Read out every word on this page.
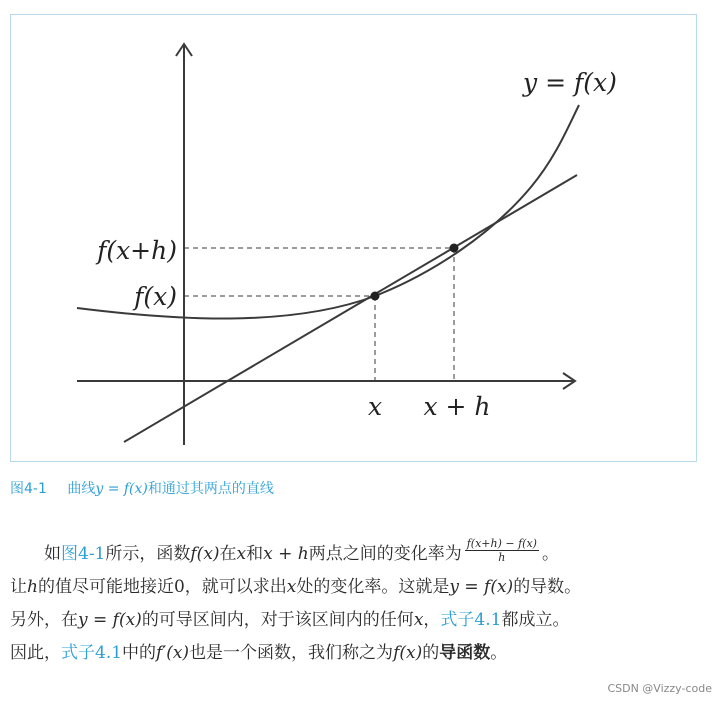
y = f(x)
f(x+h)
f(x)
x x + h
图4-1 曲线y = f(x)和通过其两点的直线
如图4-1所示，函数f(x)在x和x + h两点之间的变化率为 $\frac{f(x+h) - f(x)}{h}$ 。
让h的值尽可能地接近0，就可以求出x处的变化率。这就是y = f(x)的导数。
另外，在y = f(x)的可导区间内，对于该区间内的任何x，式子4.1都成立。
因此，式子4.1中的f′(x)也是一个函数，我们称之为f(x)的导函数。
CSDN @Vizzy-code
